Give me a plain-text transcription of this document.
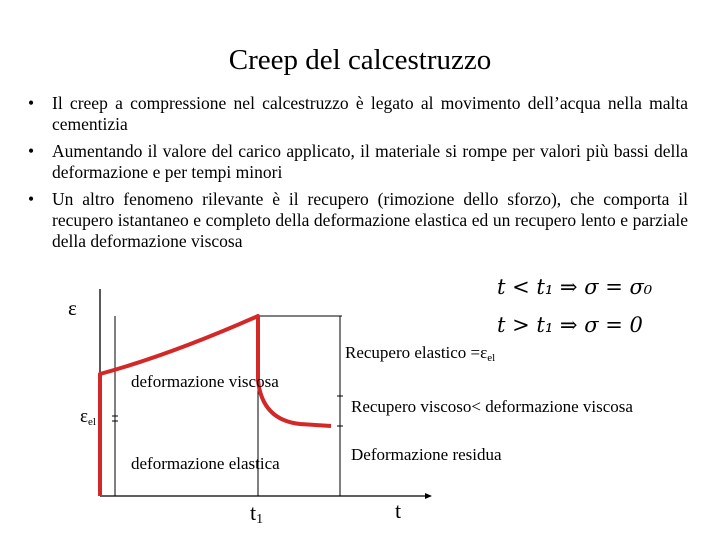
Creep del calcestruzzo
• Il creep a compressione nel calcestruzzo è legato al movimento dell’acqua nella malta cementizia
• Aumentando il valore del carico applicato, il materiale si rompe per valori più bassi della deformazione e per tempi minori
• Un altro fenomeno rilevante è il recupero (rimozione dello sforzo), che comporta il recupero istantaneo e completo della deformazione elastica ed un recupero lento e parziale della deformazione viscosa
ε
Recupero elastico $=\varepsilon_{el}$
deformazione viscosa
$\varepsilon_{el}$
Recupero viscoso< deformazione viscosa
deformazione elastica	Deformazione residua
$t_1$	t
t < t₁ ⇒ σ = σ₀
t > t₁ ⇒ σ = 0
